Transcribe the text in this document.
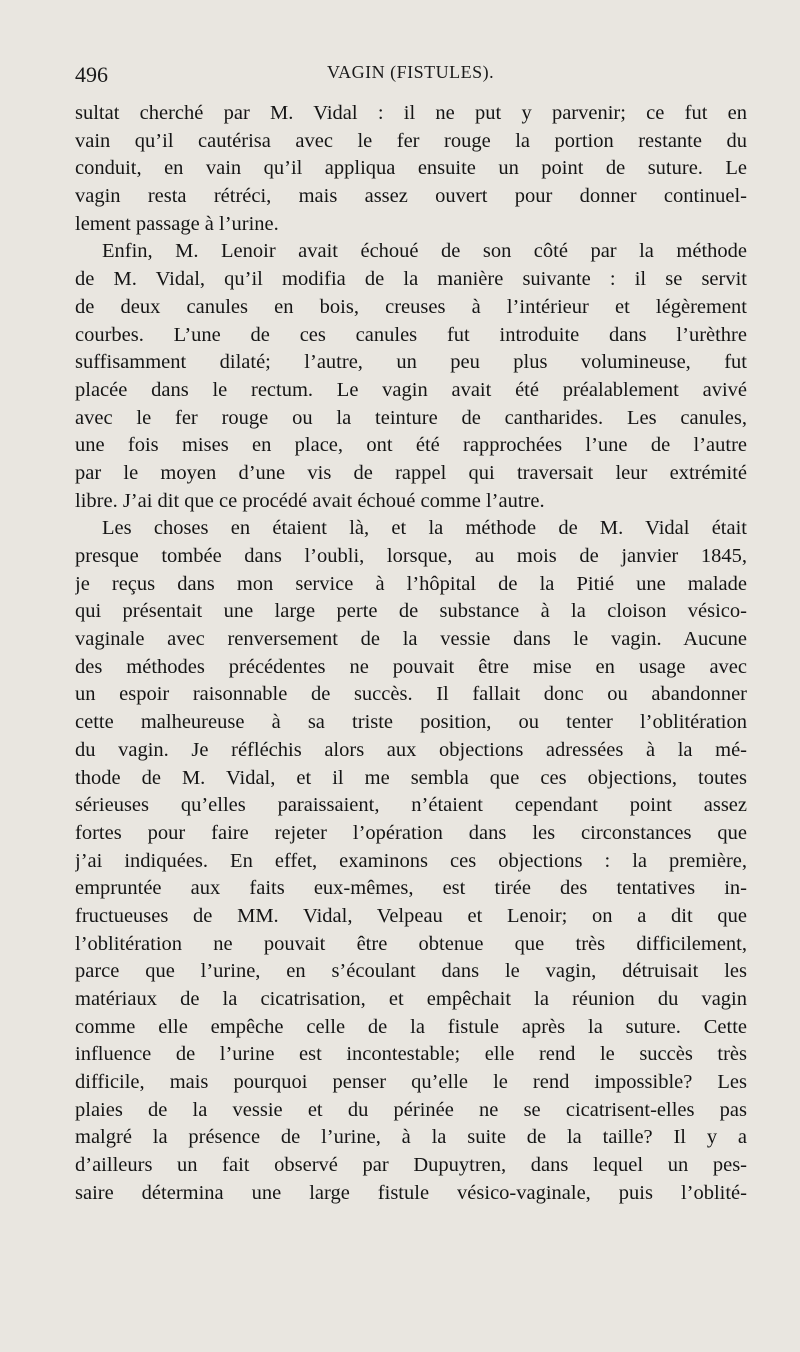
496	VAGIN (FISTULES).
sultat cherché par M. Vidal : il ne put y parvenir; ce fut en
vain qu’il cautérisa avec le fer rouge la portion restante du
conduit, en vain qu’il appliqua ensuite un point de suture. Le
vagin resta rétréci, mais assez ouvert pour donner continuel-
lement passage à l’urine.
Enfin, M. Lenoir avait échoué de son côté par la méthode
de M. Vidal, qu’il modifia de la manière suivante : il se servit
de deux canules en bois, creuses à l’intérieur et légèrement
courbes. L’une de ces canules fut introduite dans l’urèthre
suffisamment dilaté; l’autre, un peu plus volumineuse, fut
placée dans le rectum. Le vagin avait été préalablement avivé
avec le fer rouge ou la teinture de cantharides. Les canules,
une fois mises en place, ont été rapprochées l’une de l’autre
par le moyen d’une vis de rappel qui traversait leur extrémité
libre. J’ai dit que ce procédé avait échoué comme l’autre.
Les choses en étaient là, et la méthode de M. Vidal était
presque tombée dans l’oubli, lorsque, au mois de janvier 1845,
je reçus dans mon service à l’hôpital de la Pitié une malade
qui présentait une large perte de substance à la cloison vésico-
vaginale avec renversement de la vessie dans le vagin. Aucune
des méthodes précédentes ne pouvait être mise en usage avec
un espoir raisonnable de succès. Il fallait donc ou abandonner
cette malheureuse à sa triste position, ou tenter l’oblitération
du vagin. Je réfléchis alors aux objections adressées à la mé-
thode de M. Vidal, et il me sembla que ces objections, toutes
sérieuses qu’elles paraissaient, n’étaient cependant point assez
fortes pour faire rejeter l’opération dans les circonstances que
j’ai indiquées. En effet, examinons ces objections : la première,
empruntée aux faits eux-mêmes, est tirée des tentatives in-
fructueuses de MM. Vidal, Velpeau et Lenoir; on a dit que
l’oblitération ne pouvait être obtenue que très difficilement,
parce que l’urine, en s’écoulant dans le vagin, détruisait les
matériaux de la cicatrisation, et empêchait la réunion du vagin
comme elle empêche celle de la fistule après la suture. Cette
influence de l’urine est incontestable; elle rend le succès très
difficile, mais pourquoi penser qu’elle le rend impossible? Les
plaies de la vessie et du périnée ne se cicatrisent-elles pas
malgré la présence de l’urine, à la suite de la taille? Il y a
d’ailleurs un fait observé par Dupuytren, dans lequel un pes-
saire détermina une large fistule vésico-vaginale, puis l’oblité-
